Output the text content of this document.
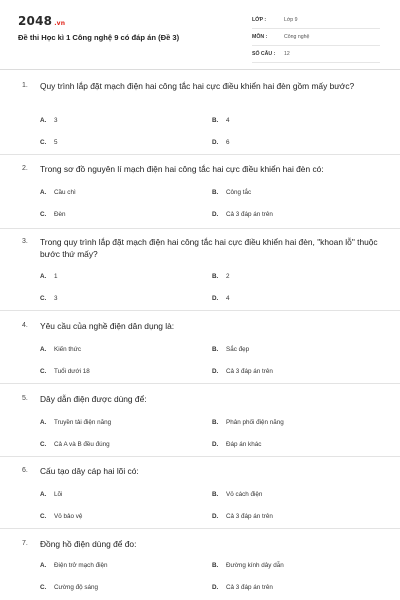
2048 .vn
Đề thi Học kì 1 Công nghệ 9 có đáp án (Đề 3)
LỚP :	Lớp 9
MÔN :	Công nghệ
SỐ CÂU : 12
1. Quy trình lắp đặt mạch điện hai công tắc hai cực điều khiển hai đèn gồm mấy bước?
A. 3	B. 4
C. 5	D. 6
2. Trong sơ đồ nguyên lí mạch điện hai công tắc hai cực điều khiển hai đèn có:
A. Cầu chì	B. Công tắc
C. Đèn	D. Cả 3 đáp án trên
3. Trong quy trình lắp đặt mạch điện hai công tắc hai cực điều khiển hai đèn, "khoan lỗ" thuộc bước thứ mấy?
A. 1	B. 2
C. 3	D. 4
4. Yêu cầu của nghề điện dân dụng là:
A. Kiến thức	B. Sắc đẹp
C. Tuổi dưới 18	D. Cả 3 đáp án trên
5. Dây dẫn điện được dùng để:
A. Truyền tải điện năng	B. Phân phối điện năng
C. Cả A và B đều đúng	D. Đáp án khác
6. Cấu tạo dây cáp hai lõi có:
A. Lõi	B. Vỏ cách điện
C. Vỏ bảo vệ	D. Cả 3 đáp án trên
7. Đồng hồ điện dùng để đo:
A. Điện trở mạch điện	B. Đường kính dây dẫn
C. Cường độ sáng	D. Cả 3 đáp án trên
